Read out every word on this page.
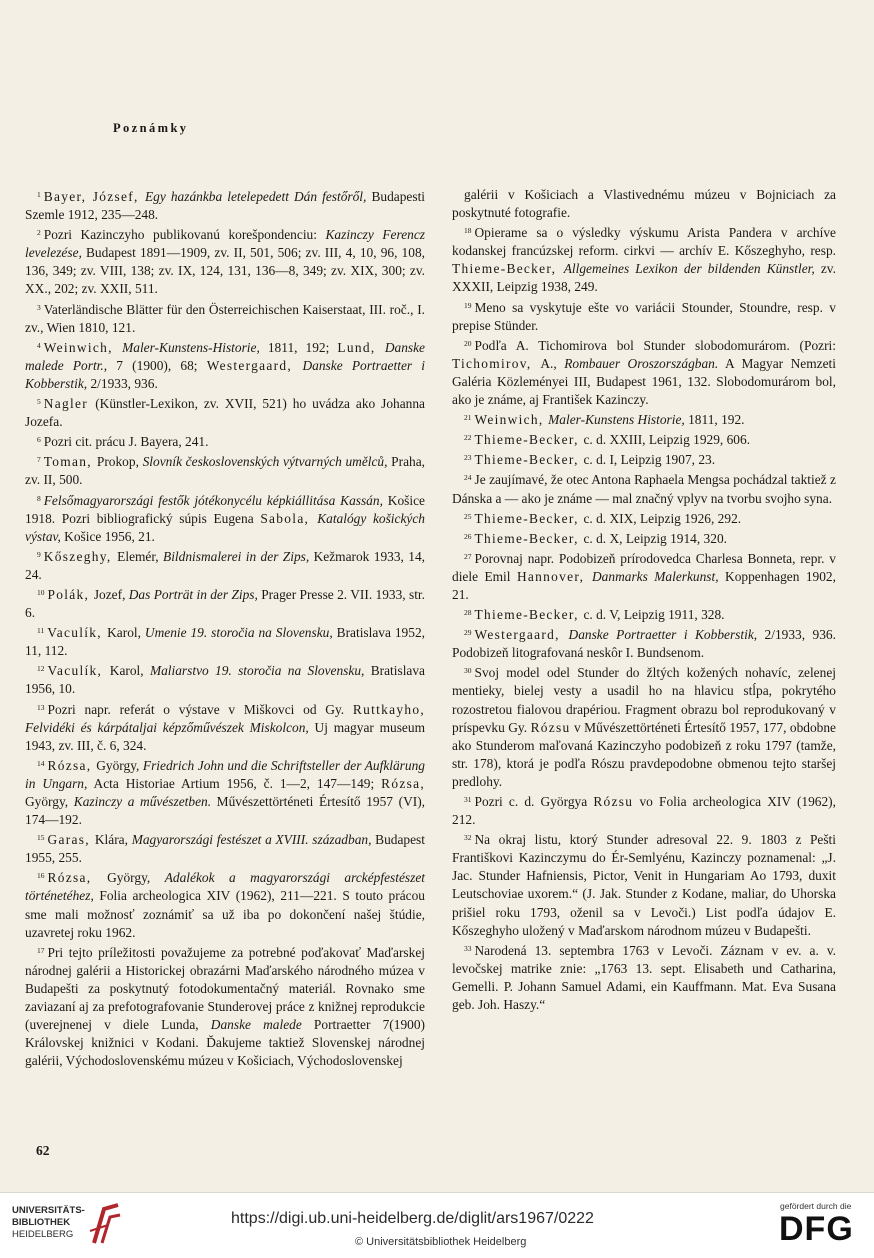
Poznámky

$^1$ Bayer, József, Egy hazánkba letelepedett Dán festőről, Budapesti Szemle 1912, 235—248.

$^2$ Pozri Kazinczyho publikovanú korešpondenciu: Kazinczy Ferencz levelezése, Budapest 1891—1909, zv. II, 501, 506; zv. III, 4, 10, 96, 108, 136, 349; zv. VIII, 138; zv. IX, 124, 131, 136—8, 349; zv. XIX, 300; zv. XX., 202; zv. XXII, 511.

$^3$ Vaterländische Blätter für den Österreichischen Kaiserstaat, III. roč., I. zv., Wien 1810, 121.

$^4$ Weinwich, Maler-Kunstens-Historie, 1811, 192; Lund, Danske malede Portr., 7 (1900), 68; Westergaard, Danske Portraetter i Kobberstik, 2/1933, 936.

$^5$ Nagler (Künstler-Lexikon, zv. XVII, 521) ho uvádza ako Johanna Jozefa.

$^6$ Pozri cit. prácu J. Bayera, 241.

$^7$ Toman, Prokop, Slovník československých výtvarných umělců, Praha, zv. II, 500.

$^8$ Felsőmagyarországi festők jótékonycélu képkiállitása Kassán, Košice 1918. Pozri bibliografický súpis Eugena Sabola, Katalógy košických výstav, Košice 1956, 21.

$^9$ Kőszeghy, Elemér, Bildnismalerei in der Zips, Kežmarok 1933, 14, 24.

$^{10}$ Polák, Jozef, Das Porträt in der Zips, Prager Presse 2. VII. 1933, str. 6.

$^{11}$ Vaculík, Karol, Umenie 19. storočia na Slovensku, Bratislava 1952, 11, 112.

$^{12}$ Vaculík, Karol, Maliarstvo 19. storočia na Slovensku, Bratislava 1956, 10.

$^{13}$ Pozri napr. referát o výstave v Miškovci od Gy. Ruttkayho, Felvidéki és kárpátaljai képzőművészek Miskolcon, Uj magyar museum 1943, zv. III, č. 6, 324.

$^{14}$ Rózsa, György, Friedrich John und die Schriftsteller der Aufklärung in Ungarn, Acta Historiae Artium 1956, č. 1—2, 147—149; Rózsa, György, Kazinczy a művészetben. Művészettörténeti Értesítő 1957 (VI), 174—192.

$^{15}$ Garas, Klára, Magyarországi festészet a XVIII. században, Budapest 1955, 255.

$^{16}$ Rózsa, György, Adalékok a magyarországi arcképfestészet történetéhez, Folia archeologica XIV (1962), 211—221. S touto prácou sme mali možnosť zoznámiť sa už iba po dokončení našej štúdie, uzavretej roku 1962.

$^{17}$ Pri tejto príležitosti považujeme za potrebné poďakovať Maďarskej národnej galérii a Historickej obrazárni Maďarského národného múzea v Budapešti za poskytnutý fotodokumentačný materiál. Rovnako sme zaviazaní aj za prefotografovanie Stunderovej práce z knižnej reprodukcie (uverejnenej v diele Lunda, Danske malede Portraetter 7(1900) Královskej knižnici v Kodani. Ďakujeme taktiež Slovenskej národnej galérii, Východoslovenskému múzeu v Košiciach, Východoslovenskej

galérii v Košiciach a Vlastivednému múzeu v Bojniciach za poskytnuté fotografie.

$^{18}$ Opierame sa o výsledky výskumu Arista Pandera v archíve kodanskej francúzskej reform. cirkvi — archív E. Kőszeghyho, resp. Thieme-Becker, Allgemeines Lexikon der bildenden Künstler, zv. XXXII, Leipzig 1938, 249.

$^{19}$ Meno sa vyskytuje ešte vo variácii Stounder, Stoundre, resp. v prepise Stünder.

$^{20}$ Podľa A. Tichomirova bol Stunder slobodomurárom. (Pozri: Tichomirov, A., Rombauer Oroszországban. A Magyar Nemzeti Galéria Közleményei III, Budapest 1961, 132. Slobodomurárom bol, ako je známe, aj František Kazinczy.

$^{21}$ Weinwich, Maler-Kunstens Historie, 1811, 192.

$^{22}$ Thieme-Becker, c. d. XXIII, Leipzig 1929, 606.

$^{23}$ Thieme-Becker, c. d. I, Leipzig 1907, 23.

$^{24}$ Je zaujímavé, že otec Antona Raphaela Mengsa pochádzal taktiež z Dánska a — ako je známe — mal značný vplyv na tvorbu svojho syna.

$^{25}$ Thieme-Becker, c. d. XIX, Leipzig 1926, 292.

$^{26}$ Thieme-Becker, c. d. X, Leipzig 1914, 320.

$^{27}$ Porovnaj napr. Podobizeň prírodovedca Charlesa Bonneta, repr. v diele Emil Hannover, Danmarks Malerkunst, Koppenhagen 1902, 21.

$^{28}$ Thieme-Becker, c. d. V, Leipzig 1911, 328.

$^{29}$ Westergaard, Danske Portraetter i Kobberstik, 2/1933, 936. Podobizeň litografovaná neskôr I. Bundsenom.

$^{30}$ Svoj model odel Stunder do žltých kožených nohavíc, zelenej mentieky, bielej vesty a usadil ho na hlavicu stĺpa, pokrytého rozostretou fialovou drapériou. Fragment obrazu bol reprodukovaný v príspevku Gy. Rózsu v Művészettörténeti Értesítő 1957, 177, obdobne ako Stunderom maľovaná Kazinczyho podobizeň z roku 1797 (tamže, str. 178), ktorá je podľa Rószu pravdepodobne obmenou tejto staršej predlohy.

$^{31}$ Pozri c. d. Györgya Rózsu vo Folia archeologica XIV (1962), 212.

$^{32}$ Na okraj listu, ktorý Stunder adresoval 22. 9. 1803 z Pešti Františkovi Kazinczymu do Ér-Semlyénu, Kazinczy poznamenal: „J. Jac. Stunder Hafniensis, Pictor, Venit in Hungariam Ao 1793, duxit Leutschoviae uxorem.“ (J. Jak. Stunder z Kodane, maliar, do Uhorska prišiel roku 1793, oženil sa v Levoči.) List podľa údajov E. Kőszeghyho uložený v Maďarskom národnom múzeu v Budapešti.

$^{33}$ Narodená 13. septembra 1763 v Levoči. Záznam v ev. a. v. levočskej matrike znie: „1763 13. sept. Elisabeth und Catharina, Gemelli. P. Johann Samuel Adami, ein Kauffmann. Mat. Eva Susana geb. Joh. Haszy.“

62

UNIVERSITÄTS-
BIBLIOTHEK
HEIDELBERG

https://digi.ub.uni-heidelberg.de/diglit/ars1967/0222

© Universitätsbibliothek Heidelberg

gefördert durch die

DFG
